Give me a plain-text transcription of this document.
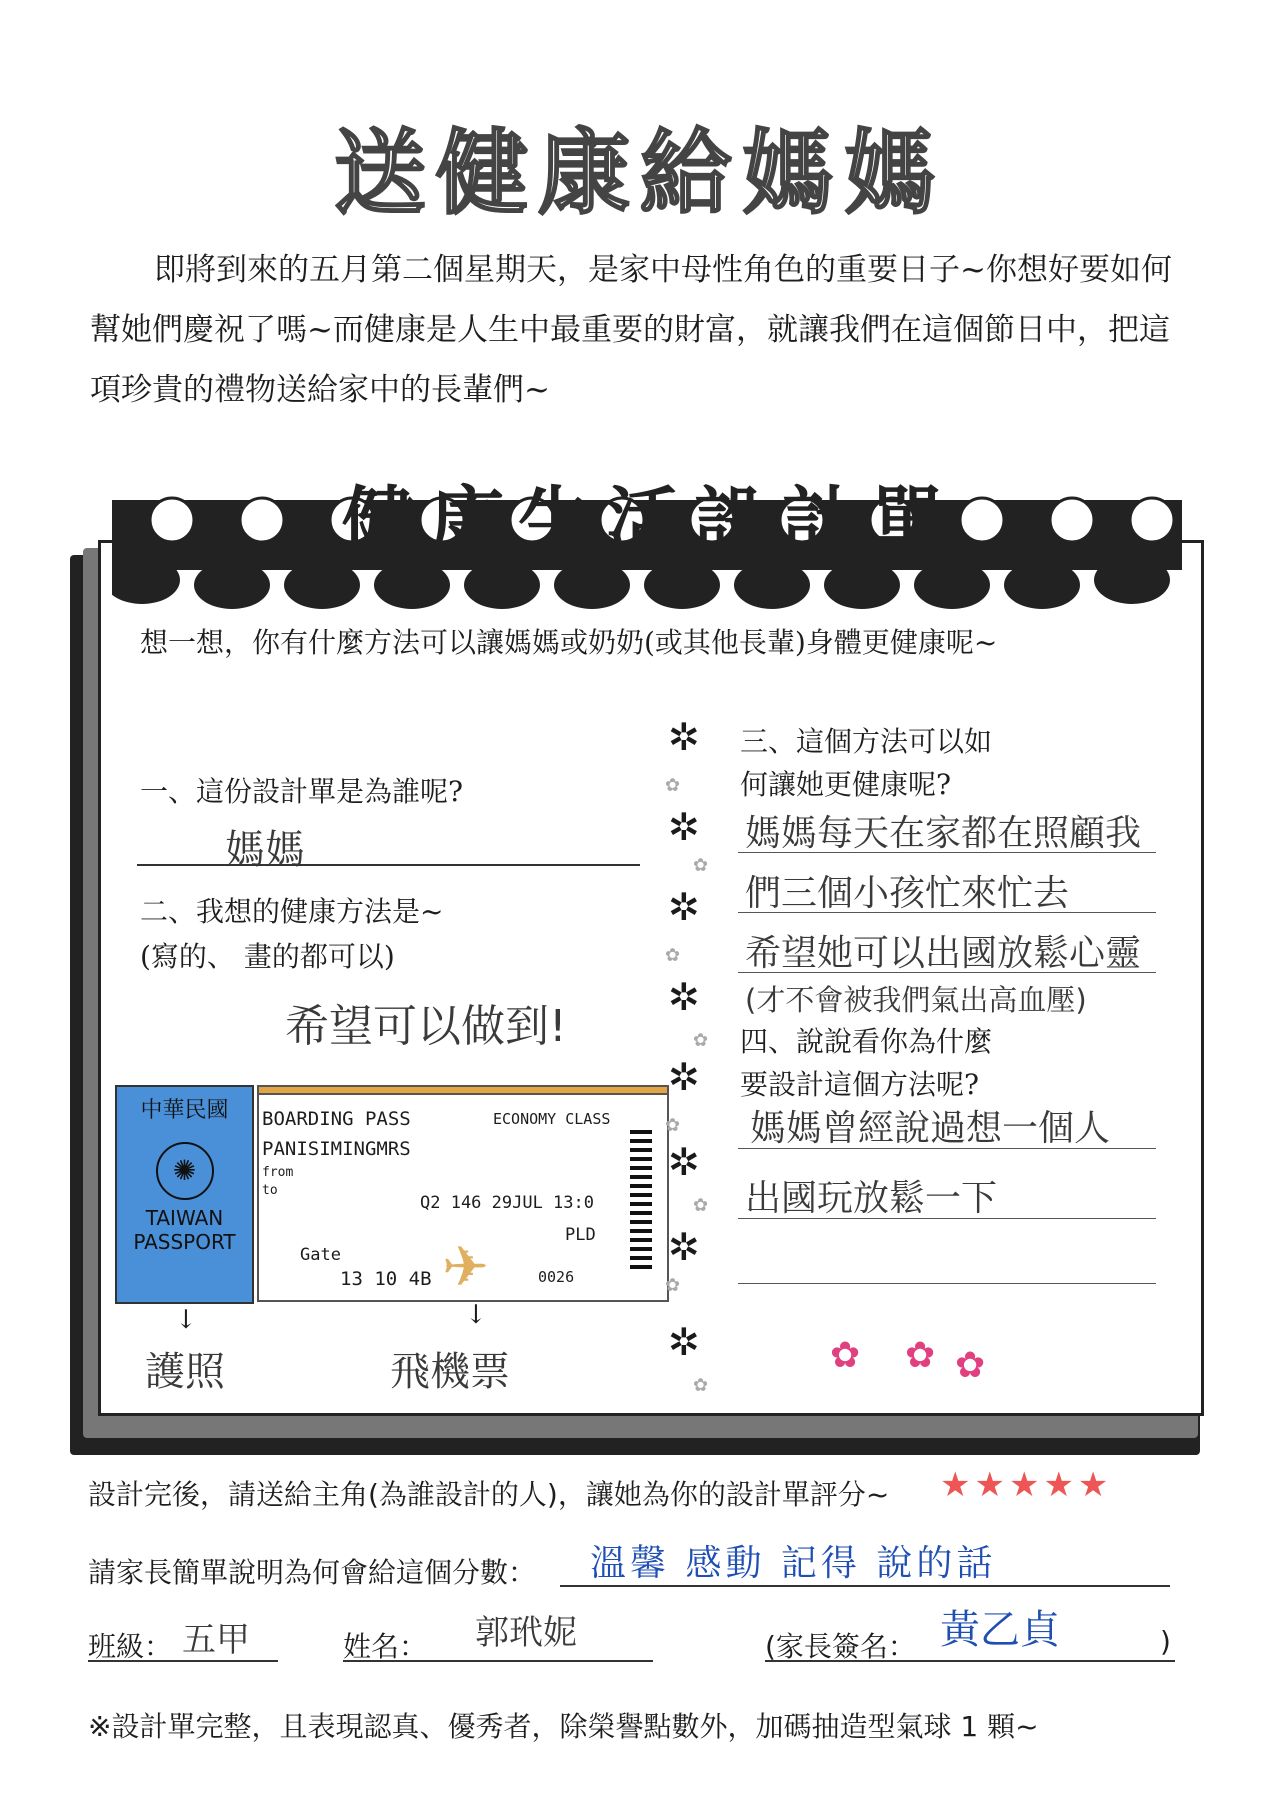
送健康給媽媽
即將到來的五月第二個星期天，是家中母性角色的重要日子~你想好要如何幫她們慶祝了嗎~而健康是人生中最重要的財富，就讓我們在這個節日中，把這項珍貴的禮物送給家中的長輩們~
健康生活設計單
想一想，你有什麼方法可以讓媽媽或奶奶(或其他長輩)身體更健康呢~
一、這份設計單是為誰呢?
媽媽
二、我想的健康方法是~
(寫的、 畫的都可以)
希望可以做到!
中華民國
✺
TAIWAN
PASSPORT
BOARDING PASS	ECONOMY CLASS
PANISIMINGMRS
from
to
Q2 146 29JUL 13:0
Gate
13 10 4B
PLD
0026
✈
↓	↓
護照	飛機票
✲
✿
✲
✿
✲
✿
✲
✿
✲
✿
✲
✿
✲
✿
✲
✿
三、這個方法可以如
何讓她更健康呢?
媽媽每天在家都在照顧我
們三個小孩忙來忙去
希望她可以出國放鬆心靈
(才不會被我們氣出高血壓)
四、說說看你為什麼
要設計這個方法呢?
媽媽曾經說過想一個人
出國玩放鬆一下
✿ ✿ ✿
設計完後，請送給主角(為誰設計的人)，讓她為你的設計單評分~ ★★★★★
請家長簡單說明為何會給這個分數： 溫馨 感動 記得 說的話
班級： 五甲	姓名： 郭玳妮	(家長簽名： 黃乙貞	)
※設計單完整，且表現認真、優秀者，除榮譽點數外，加碼抽造型氣球 1 顆~
